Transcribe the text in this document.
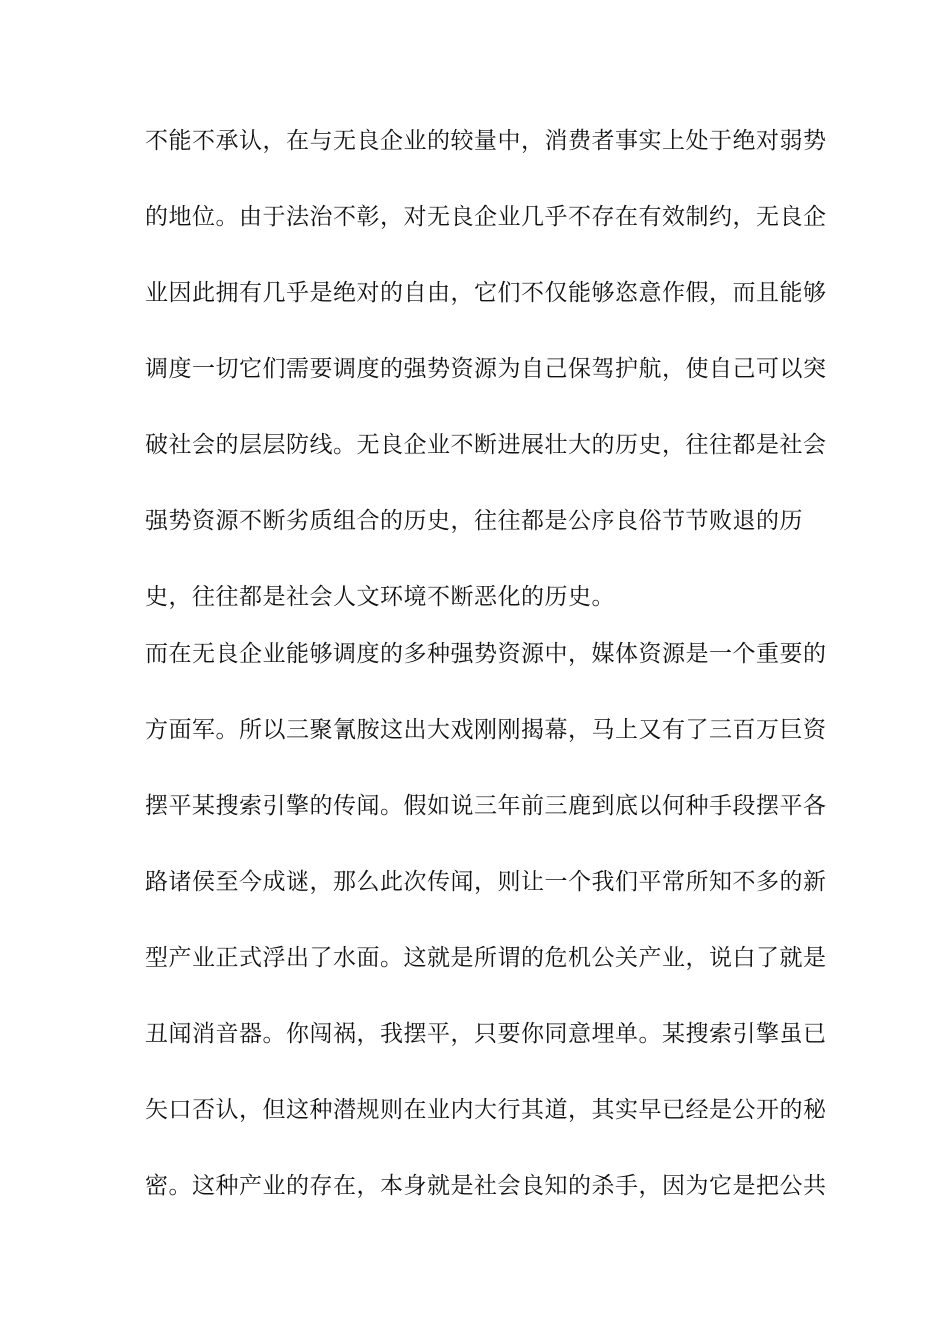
不能不承认，在与无良企业的较量中，消费者事实上处于绝对弱势
的地位。由于法治不彰，对无良企业几乎不存在有效制约，无良企
业因此拥有几乎是绝对的自由，它们不仅能够恣意作假，而且能够
调度一切它们需要调度的强势资源为自己保驾护航，使自己可以突
破社会的层层防线。无良企业不断进展壮大的历史，往往都是社会
强势资源不断劣质组合的历史，往往都是公序良俗节节败退的历
史，往往都是社会人文环境不断恶化的历史。
而在无良企业能够调度的多种强势资源中，媒体资源是一个重要的
方面军。所以三聚氰胺这出大戏刚刚揭幕，马上又有了三百万巨资
摆平某搜索引擎的传闻。假如说三年前三鹿到底以何种手段摆平各
路诸侯至今成谜，那么此次传闻，则让一个我们平常所知不多的新
型产业正式浮出了水面。这就是所谓的危机公关产业，说白了就是
丑闻消音器。你闯祸，我摆平，只要你同意埋单。某搜索引擎虽已
矢口否认，但这种潜规则在业内大行其道，其实早已经是公开的秘
密。这种产业的存在，本身就是社会良知的杀手，因为它是把公共
